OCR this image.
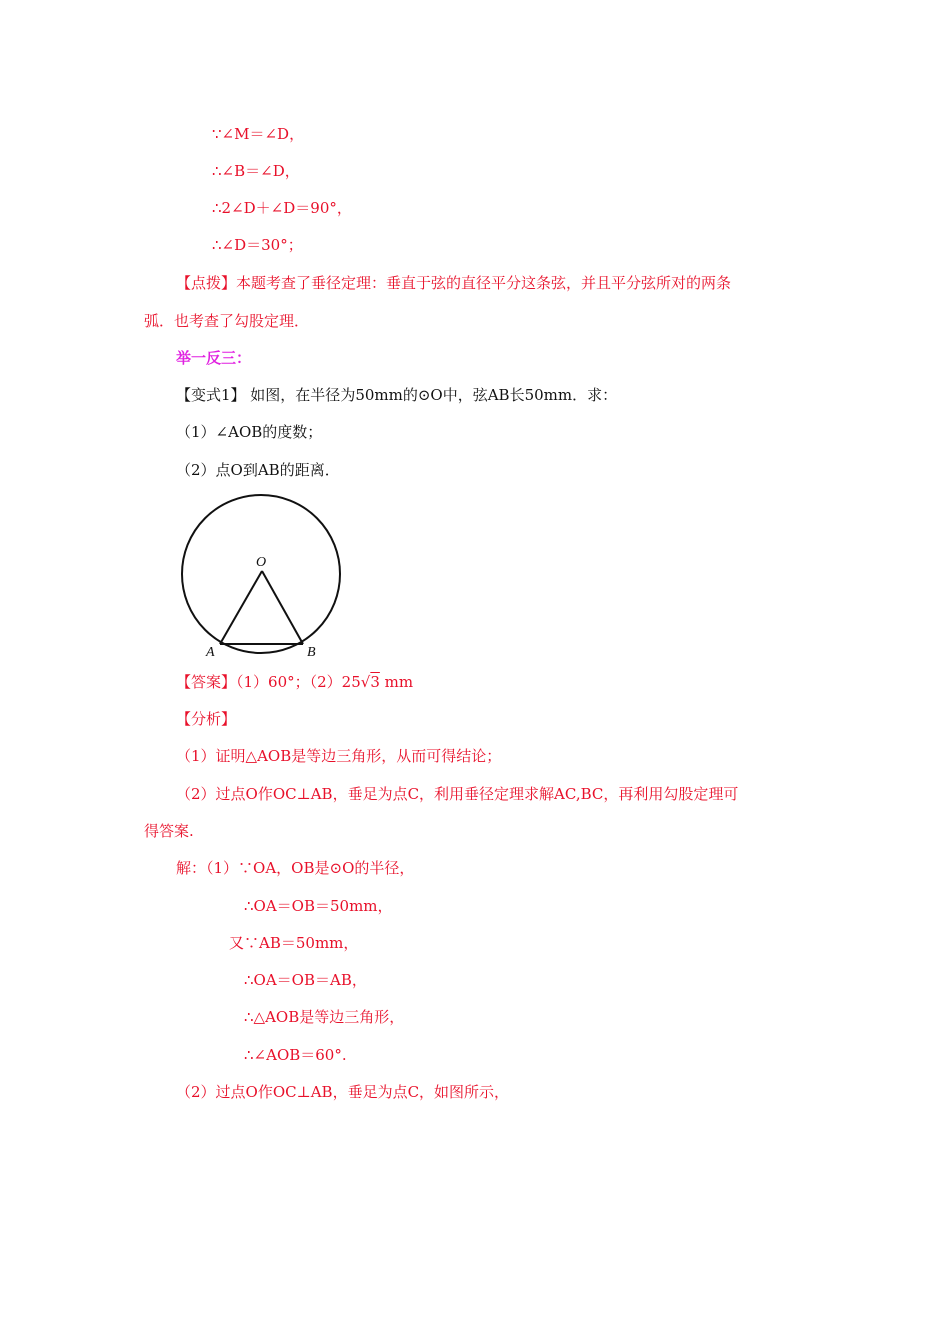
∵∠M＝∠D，
∴∠B＝∠D，
∴2∠D＋∠D＝90°，
∴∠D＝30°；
【点拨】本题考查了垂径定理：垂直于弦的直径平分这条弦，并且平分弦所对的两条
弧．也考查了勾股定理．
举一反三：
【变式1】 如图，在半径为50mm的⊙O中，弦AB长50mm．求：
（1）∠AOB的度数；
（2）点O到AB的距离．
O
A	B
【答案】（1）60°；（2）25√3 mm
【分析】
（1）证明△AOB是等边三角形，从而可得结论；
（2）过点O作OC⊥AB，垂足为点C，利用垂径定理求解AC,BC，再利用勾股定理可
得答案.
解：（1）∵OA，OB是⊙O的半径，
∴OA＝OB＝50mm，
又∵AB＝50mm，
∴OA＝OB＝AB，
∴△AOB是等边三角形，
∴∠AOB＝60°.
（2）过点O作OC⊥AB，垂足为点C，如图所示，
